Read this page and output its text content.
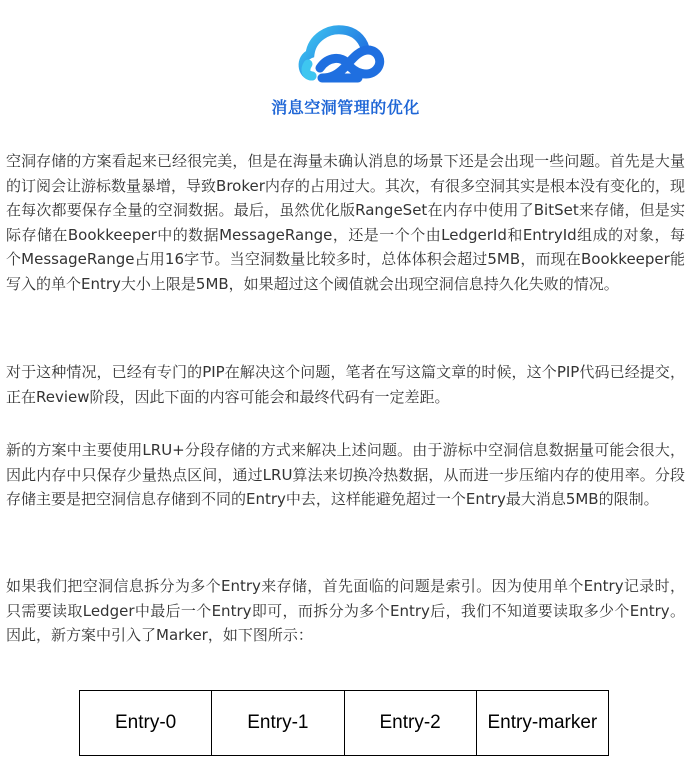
消息空洞管理的优化

空洞存储的方案看起来已经很完美，但是在海量未确认消息的场景下还是会出现一些问题。首先是大量的订阅会让游标数量暴增，导致Broker内存的占用过大。其次，有很多空洞其实是根本没有变化的，现在每次都要保存全量的空洞数据。最后，虽然优化版RangeSet在内存中使用了BitSet来存储，但是实际存储在Bookkeeper中的数据MessageRange，还是一个个由LedgerId和EntryId组成的对象，每个MessageRange占用16字节。当空洞数量比较多时，总体体积会超过5MB，而现在Bookkeeper能写入的单个Entry大小上限是5MB，如果超过这个阈值就会出现空洞信息持久化失败的情况。

对于这种情况，已经有专门的PIP在解决这个问题，笔者在写这篇文章的时候，这个PIP代码已经提交，正在Review阶段，因此下面的内容可能会和最终代码有一定差距。

新的方案中主要使用LRU+分段存储的方式来解决上述问题。由于游标中空洞信息数据量可能会很大，因此内存中只保存少量热点区间，通过LRU算法来切换冷热数据，从而进一步压缩内存的使用率。分段存储主要是把空洞信息存储到不同的Entry中去，这样能避免超过一个Entry最大消息5MB的限制。

如果我们把空洞信息拆分为多个Entry来存储，首先面临的问题是索引。因为使用单个Entry记录时，只需要读取Ledger中最后一个Entry即可，而拆分为多个Entry后，我们不知道要读取多少个Entry。因此，新方案中引入了Marker，如下图所示：

Entry-0	Entry-1	Entry-2	Entry-marker
